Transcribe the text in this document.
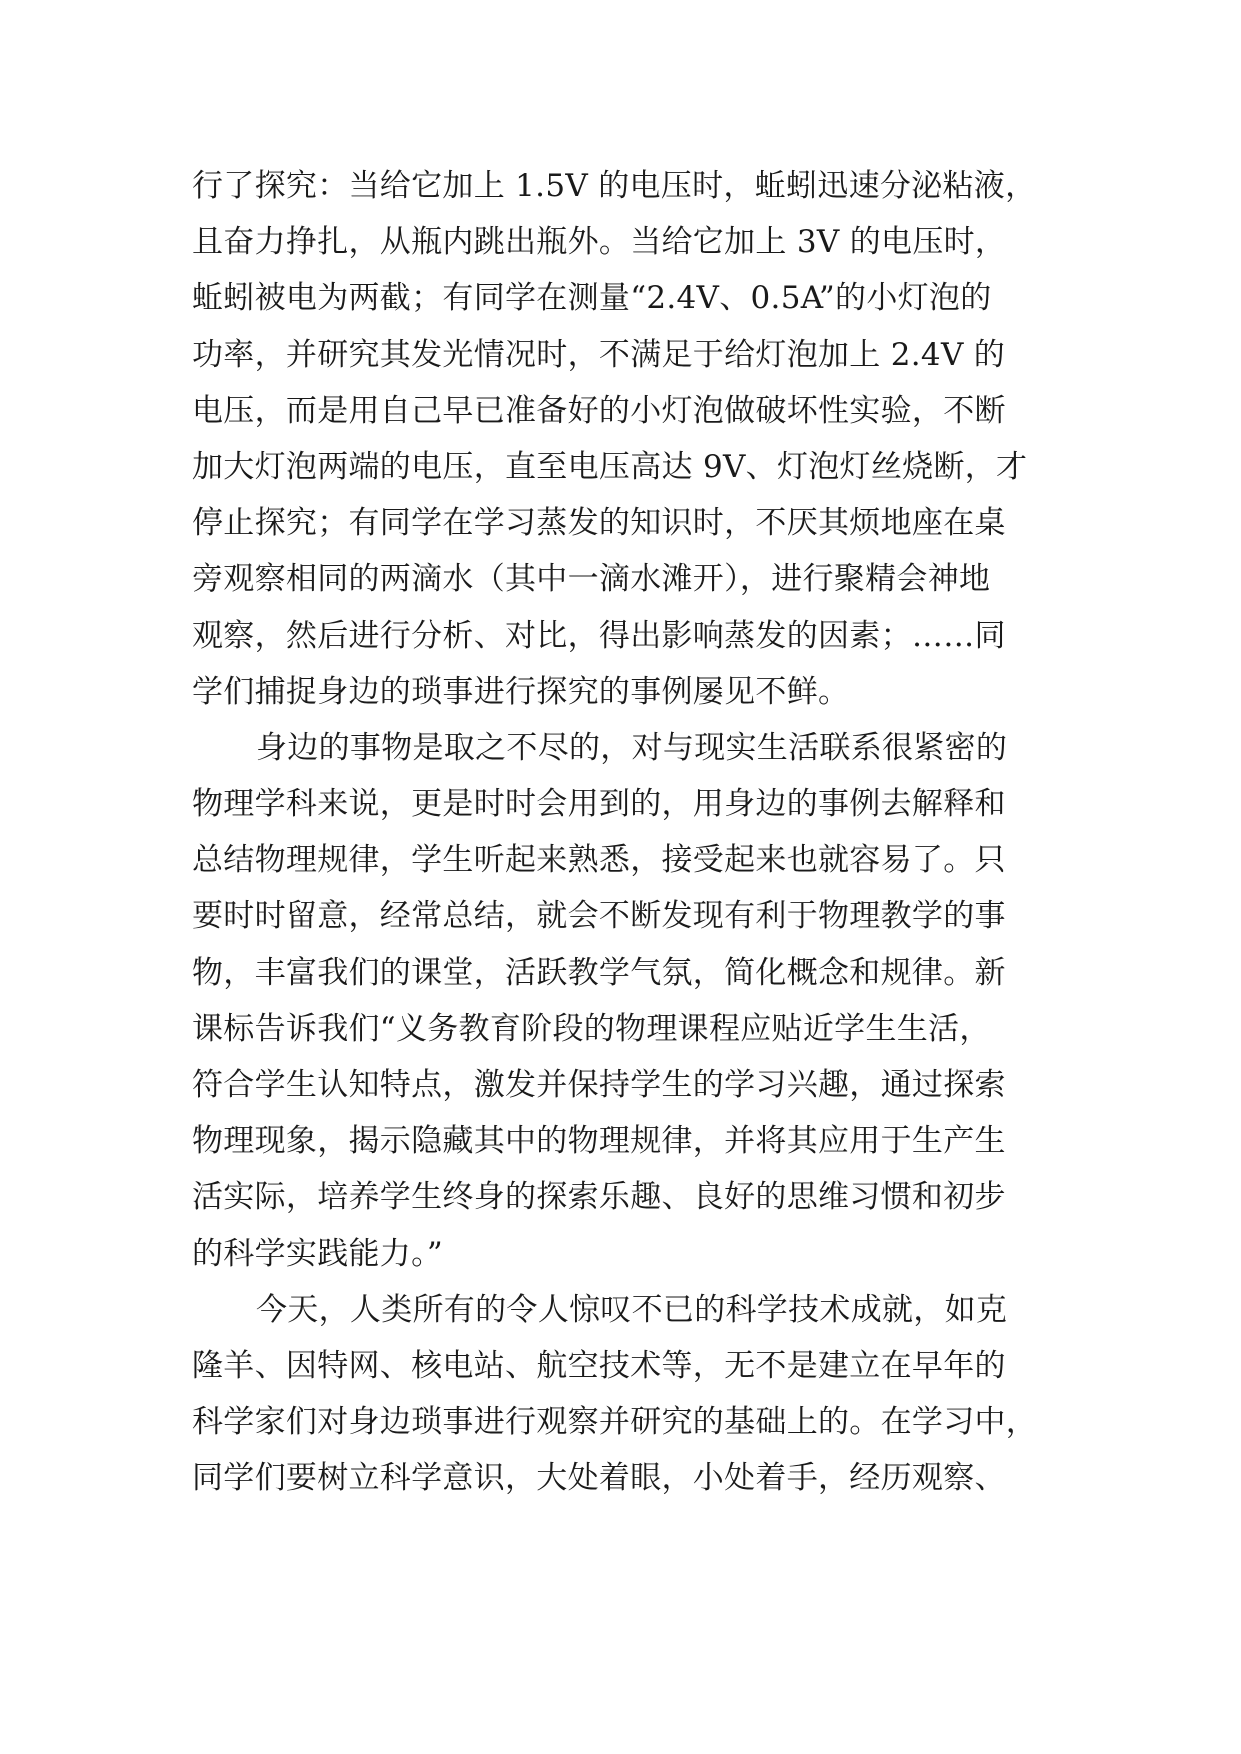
行了探究：当给它加上 1.5V 的电压时，蚯蚓迅速分泌粘液，
且奋力挣扎，从瓶内跳出瓶外。当给它加上 3V 的电压时，
蚯蚓被电为两截；有同学在测量“2.4V、0.5A”的小灯泡的
功率，并研究其发光情况时，不满足于给灯泡加上 2.4V 的
电压，而是用自己早已准备好的小灯泡做破坏性实验，不断
加大灯泡两端的电压，直至电压高达 9V、灯泡灯丝烧断，才
停止探究；有同学在学习蒸发的知识时，不厌其烦地座在桌
旁观察相同的两滴水（其中一滴水滩开），进行聚精会神地
观察，然后进行分析、对比，得出影响蒸发的因素；……同
学们捕捉身边的琐事进行探究的事例屡见不鲜。
身边的事物是取之不尽的，对与现实生活联系很紧密的
物理学科来说，更是时时会用到的，用身边的事例去解释和
总结物理规律，学生听起来熟悉，接受起来也就容易了。只
要时时留意，经常总结，就会不断发现有利于物理教学的事
物，丰富我们的课堂，活跃教学气氛，简化概念和规律。新
课标告诉我们“义务教育阶段的物理课程应贴近学生生活，
符合学生认知特点，激发并保持学生的学习兴趣，通过探索
物理现象，揭示隐藏其中的物理规律，并将其应用于生产生
活实际，培养学生终身的探索乐趣、良好的思维习惯和初步
的科学实践能力。”
今天，人类所有的令人惊叹不已的科学技术成就，如克
隆羊、因特网、核电站、航空技术等，无不是建立在早年的
科学家们对身边琐事进行观察并研究的基础上的。在学习中，
同学们要树立科学意识，大处着眼，小处着手，经历观察、
